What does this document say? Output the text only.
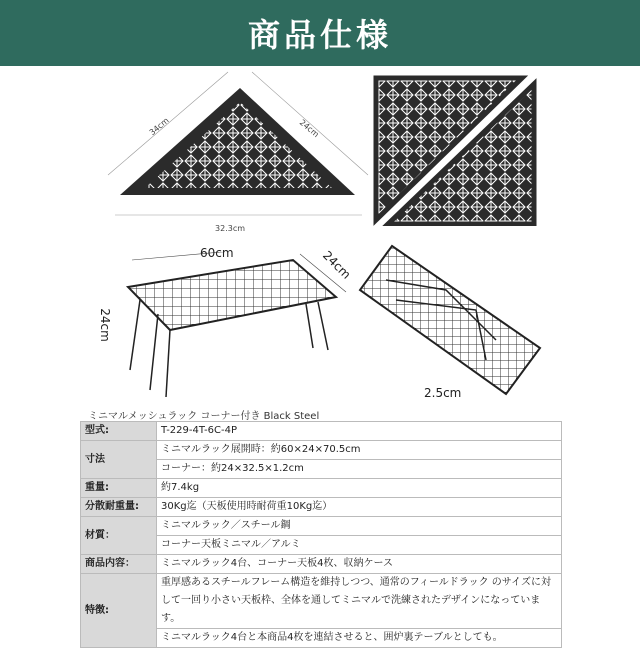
商品仕様
34cm	24cm
32.3cm
60cm	24cm
24cm
2.5cm
ミニマルメッシュラック コーナー付き Black Steel
型式:	T-229-4T-6C-4P
寸法	ミニマルラック展開時：約60×24×70.5cm
	コーナー：約24×32.5×1.2cm
重量:	約7.4kg
分散耐重量:	30Kg迄（天板使用時耐荷重10Kg迄）
材質：	ミニマルラック／スチール鋼
	コーナー天板ミニマル／アルミ
商品内容：	ミニマルラック4台、コーナー天板4枚、収納ケース
特徴:	重厚感あるスチールフレーム構造を維持しつつ、通常のフィールドラック のサイズに対して一回り小さい天板枠、全体を通してミニマルで洗練されたデザインになっています。
	ミニマルラック4台と本商品4枚を連結させると、囲炉裏テーブルとしても。
